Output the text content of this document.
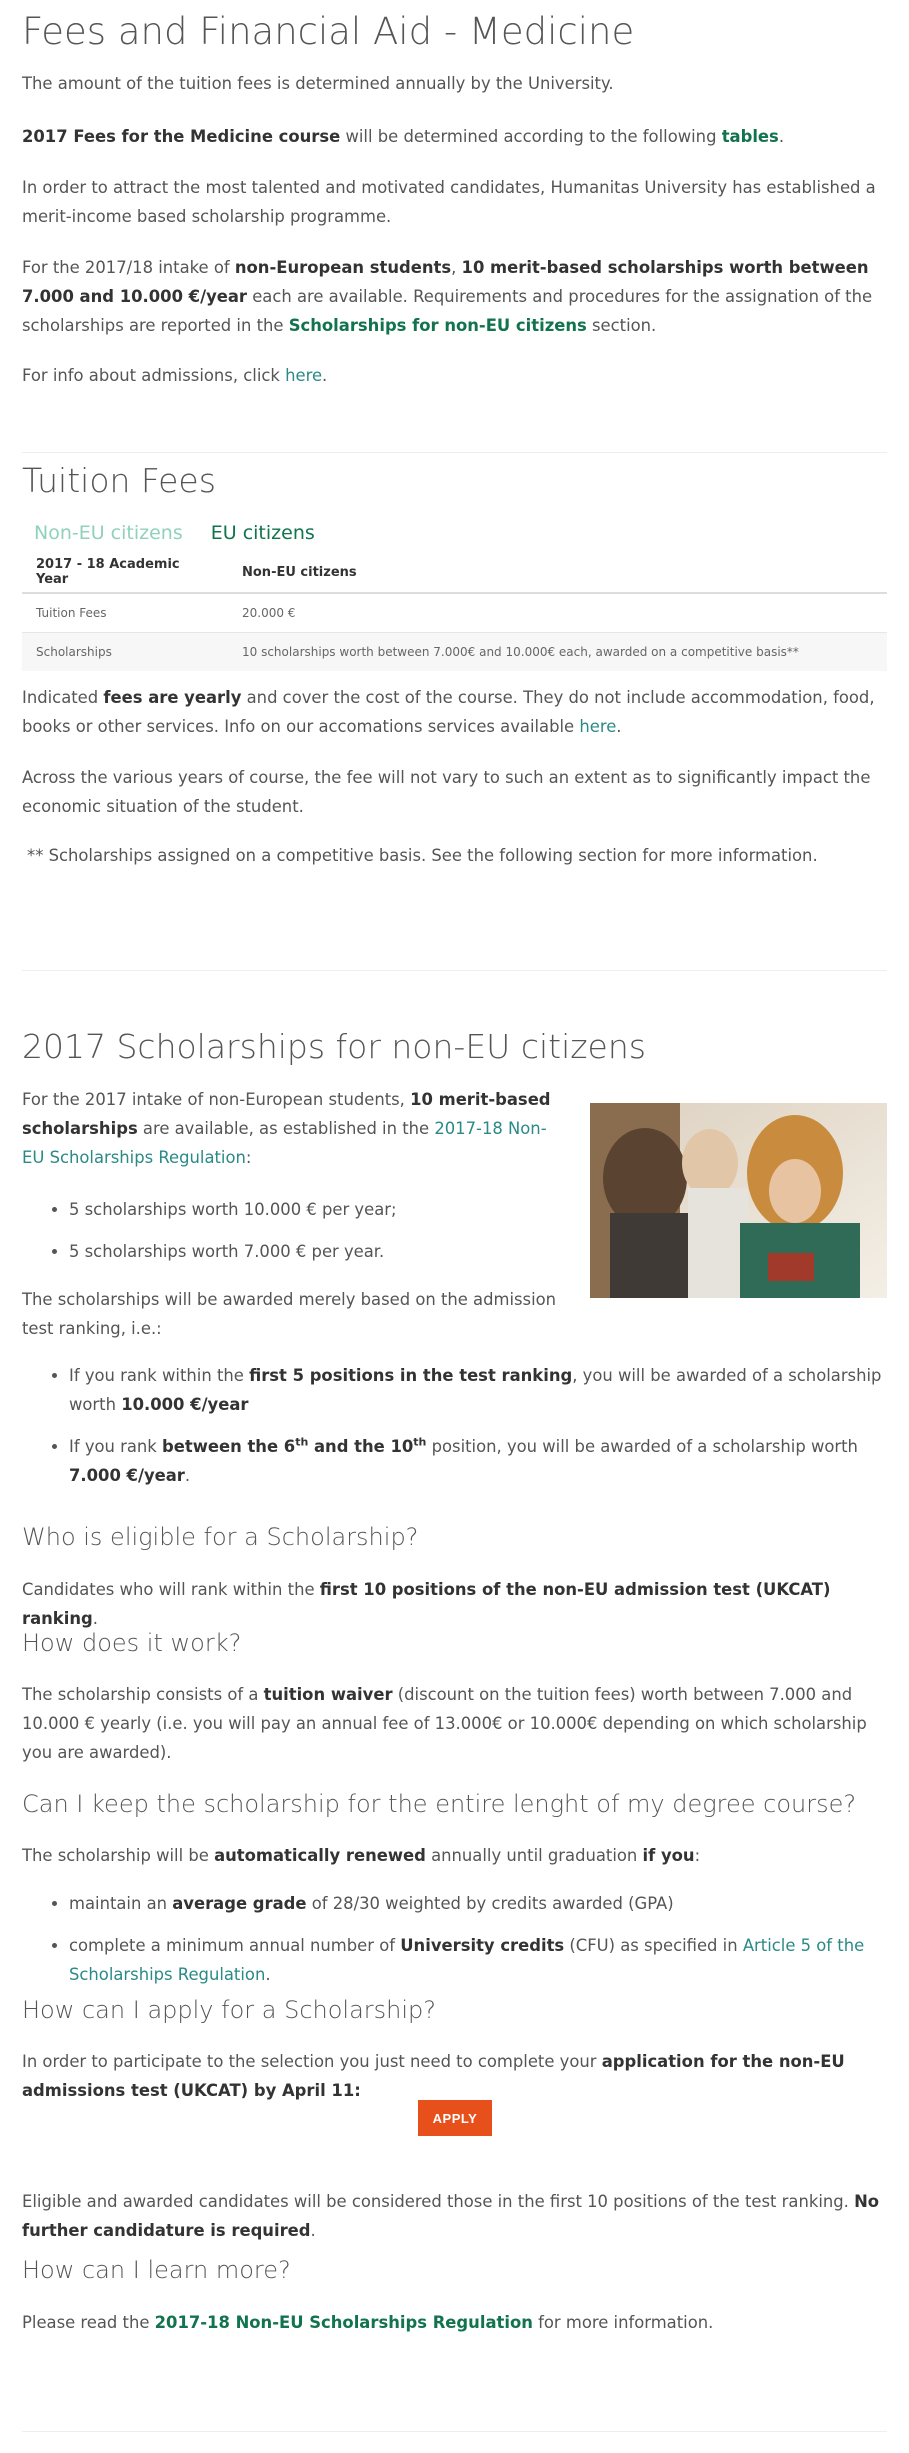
Fees and Financial Aid - Medicine

The amount of the tuition fees is determined annually by the University.

2017 Fees for the Medicine course will be determined according to the following tables.

In order to attract the most talented and motivated candidates, Humanitas University has established a merit-income based scholarship programme.

For the 2017/18 intake of non-European students, 10 merit-based scholarships worth between 7.000 and 10.000 €/year each are available. Requirements and procedures for the assignation of the scholarships are reported in the Scholarships for non-EU citizens section.

For info about admissions, click here.

Tuition Fees
Non-EU citizens EU citizens
2017 - 18 Academic Year	Non-EU citizens
Tuition Fees	20.000 €
Scholarships	10 scholarships worth between 7.000€ and 10.000€ each, awarded on a competitive basis**

Indicated fees are yearly and cover the cost of the course. They do not include accommodation, food, books or other services. Info on our accomations services available here.

Across the various years of course, the fee will not vary to such an extent as to significantly impact the economic situation of the student.

** Scholarships assigned on a competitive basis. See the following section for more information.

2017 Scholarships for non-EU citizens

For the 2017 intake of non-European students, 10 merit-based scholarships are available, as established in the 2017-18 Non-EU Scholarships Regulation:

• 5 scholarships worth 10.000 € per year;
• 5 scholarships worth 7.000 € per year.

The scholarships will be awarded merely based on the admission test ranking, i.e.:

• If you rank within the first 5 positions in the test ranking, you will be awarded of a scholarship worth 10.000 €/year
• If you rank between the 6th and the 10th position, you will be awarded of a scholarship worth 7.000 €/year.
Who is eligible for a Scholarship?

Candidates who will rank within the first 10 positions of the non-EU admission test (UKCAT) ranking.

How does it work?

The scholarship consists of a tuition waiver (discount on the tuition fees) worth between 7.000 and 10.000 € yearly (i.e. you will pay an annual fee of 13.000€ or 10.000€ depending on which scholarship you are awarded).

Can I keep the scholarship for the entire lenght of my degree course?

The scholarship will be automatically renewed annually until graduation if you:

• maintain an average grade of 28/30 weighted by credits awarded (GPA)
• complete a minimum annual number of University credits (CFU) as specified in Article 5 of the Scholarships Regulation.
How can I apply for a Scholarship?

In order to participate to the selection you just need to complete your application for the non-EU admissions test (UKCAT) by April 11:

APPLY

Eligible and awarded candidates will be considered those in the first 10 positions of the test ranking. No further candidature is required.

How can I learn more?

Please read the 2017-18 Non-EU Scholarships Regulation for more information.
